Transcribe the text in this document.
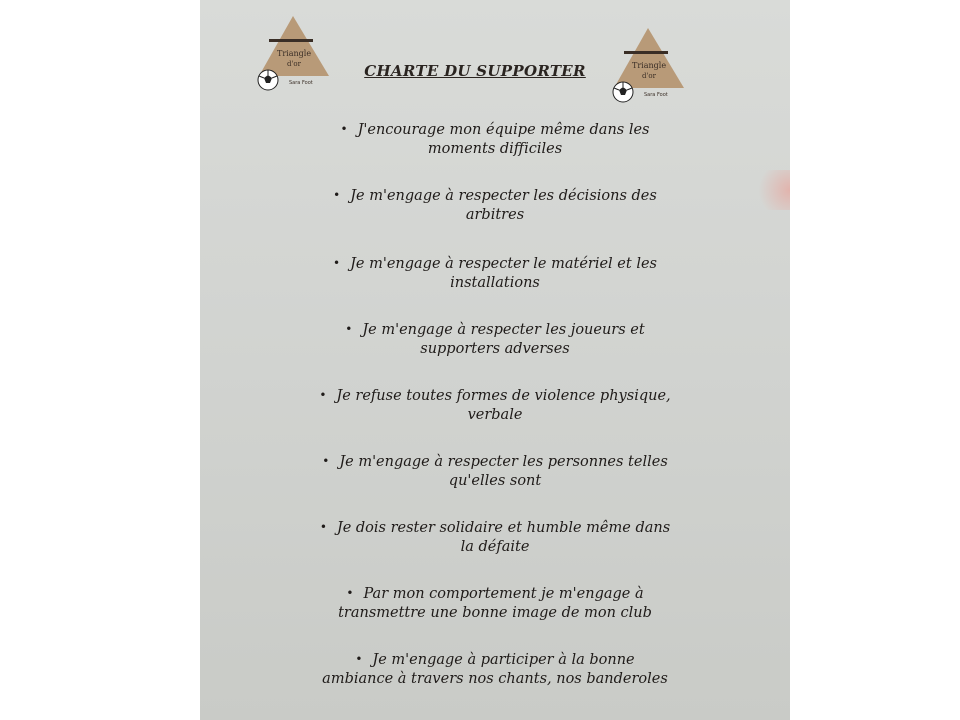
Triangle
d'or
Sara Foot
Triangle
d'or
Sara Foot
CHARTE DU SUPPORTER
• J'encourage mon équipe même dans les
moments difficiles
• Je m'engage à respecter les décisions des
arbitres
• Je m'engage à respecter le matériel et les
installations
• Je m'engage à respecter les joueurs et
supporters adverses
• Je refuse toutes formes de violence physique,
verbale
• Je m'engage à respecter les personnes telles
qu'elles sont
• Je dois rester solidaire et humble même dans
la défaite
• Par mon comportement je m'engage à
transmettre une bonne image de mon club
• Je m'engage à participer à la bonne
ambiance à travers nos chants, nos banderoles
